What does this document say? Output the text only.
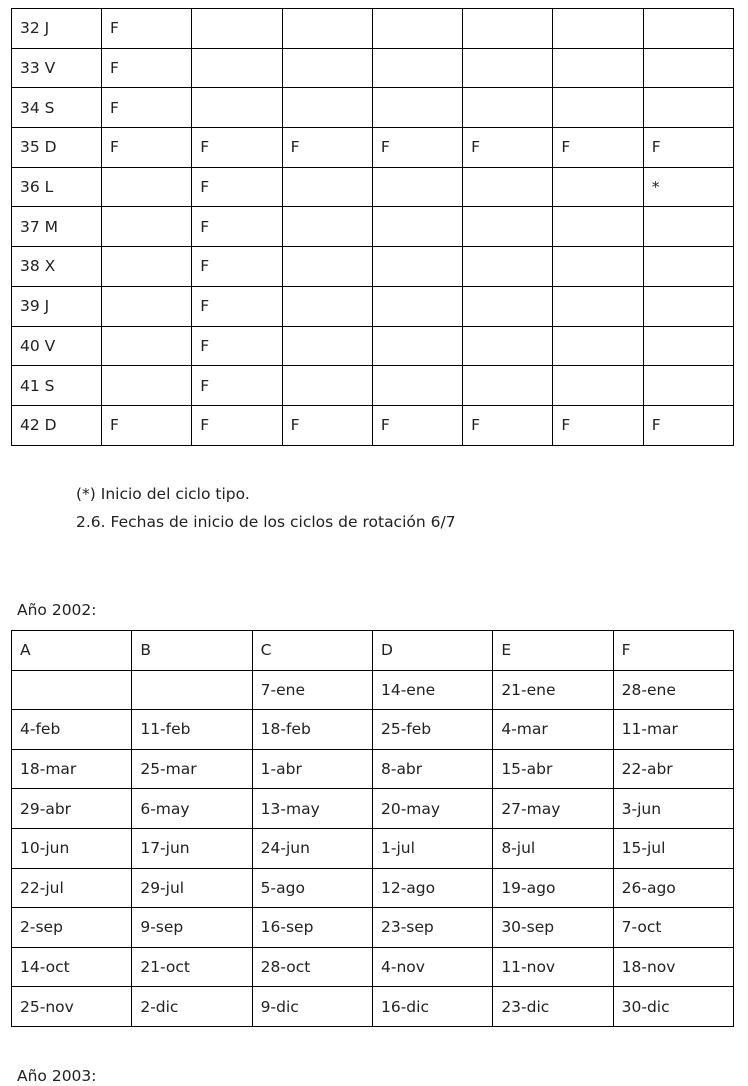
32 J	F						
33 V	F						
34 S	F						
35 D	F	F	F	F	F	F	F
36 L		F					*
37 M		F					
38 X		F					
39 J		F					
40 V		F					
41 S		F					
42 D	F	F	F	F	F	F	F

(*) Inicio del ciclo tipo.

2.6. Fechas de inicio de los ciclos de rotación 6/7

Año 2002:

A	B	C	D	E	F
		7-ene	14-ene	21-ene	28-ene
4-feb	11-feb	18-feb	25-feb	4-mar	11-mar
18-mar	25-mar	1-abr	8-abr	15-abr	22-abr
29-abr	6-may	13-may	20-may	27-may	3-jun
10-jun	17-jun	24-jun	1-jul	8-jul	15-jul
22-jul	29-jul	5-ago	12-ago	19-ago	26-ago
2-sep	9-sep	16-sep	23-sep	30-sep	7-oct
14-oct	21-oct	28-oct	4-nov	11-nov	18-nov
25-nov	2-dic	9-dic	16-dic	23-dic	30-dic

Año 2003:
